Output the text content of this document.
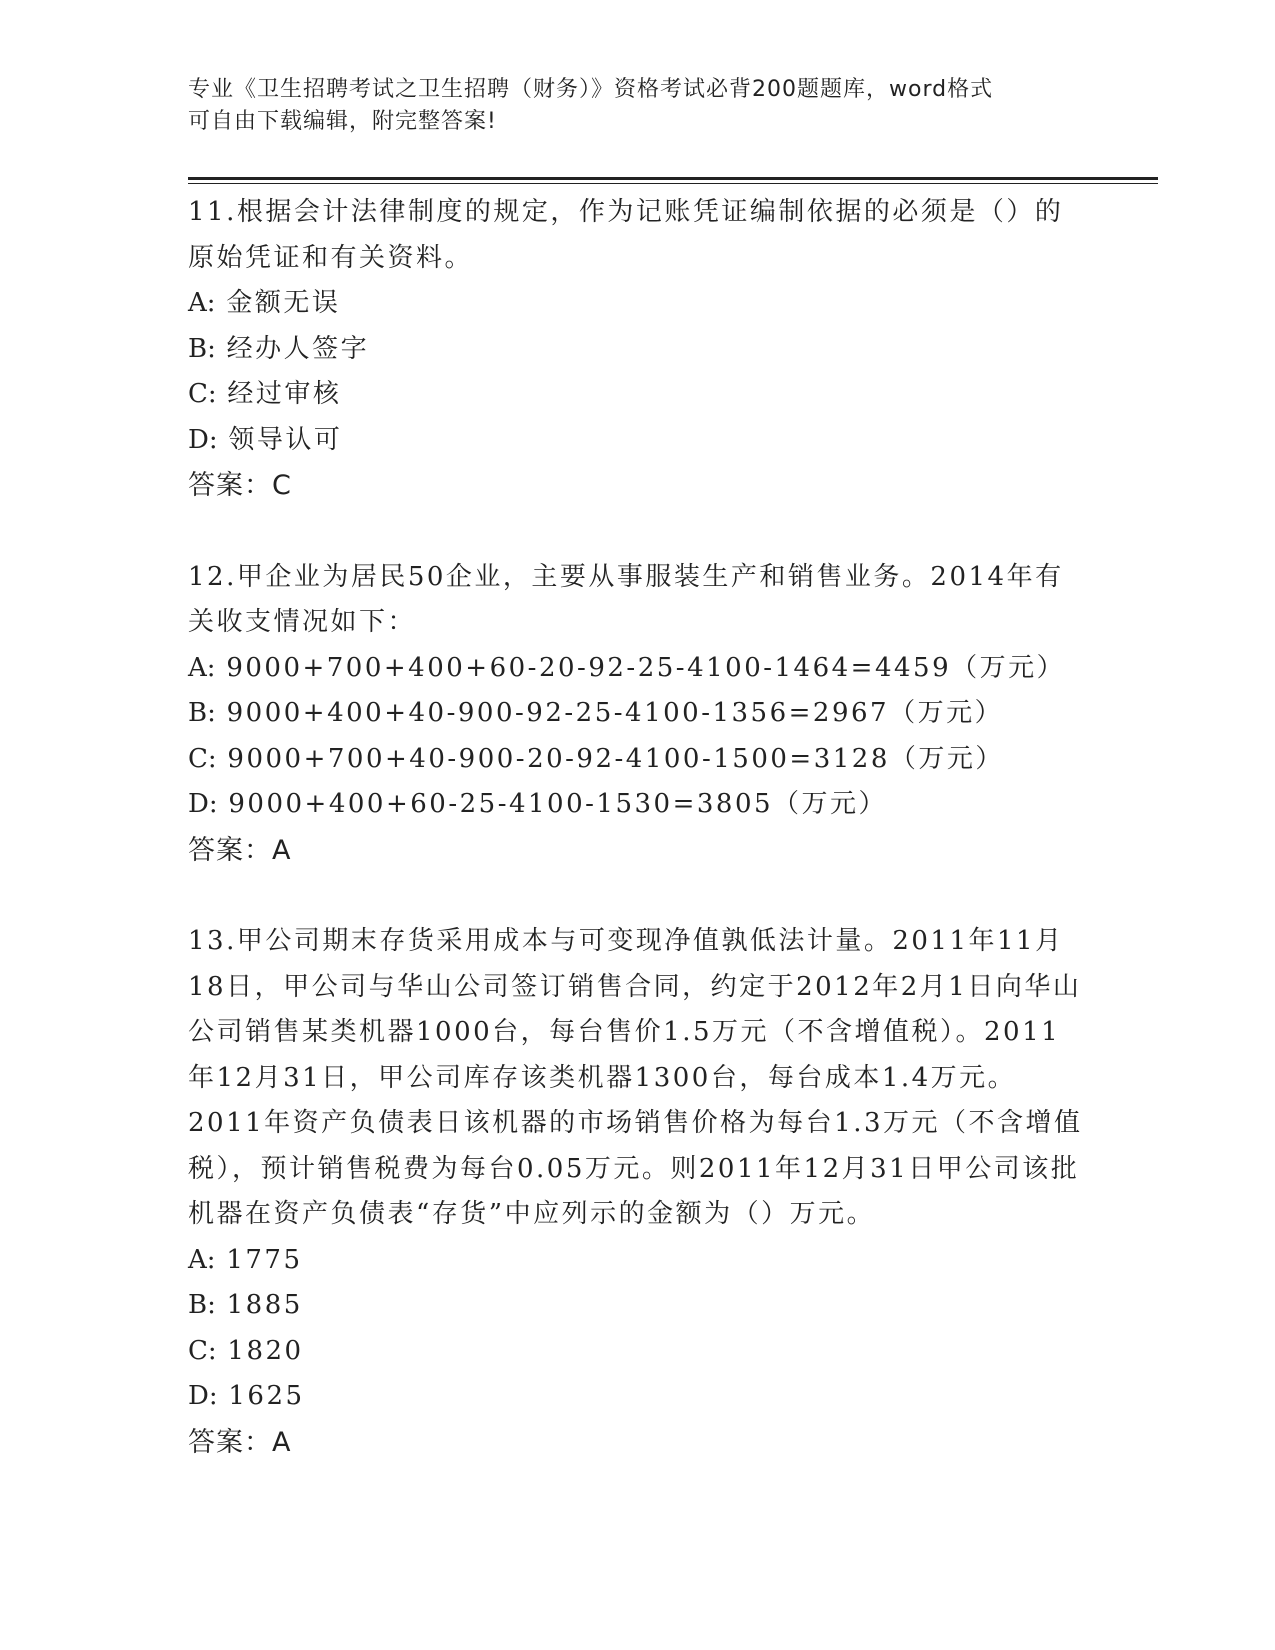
专业《卫生招聘考试之卫生招聘（财务）》资格考试必背200题题库，word格式
可自由下载编辑，附完整答案!
11.根据会计法律制度的规定，作为记账凭证编制依据的必须是（）的原始凭证和有关资料。
A: 金额无误
B: 经办人签字
C: 经过审核
D: 领导认可
答案：C
12.甲企业为居民50企业，主要从事服装生产和销售业务。2014年有关收支情况如下：
A: 9000+700+400+60-20-92-25-4100-1464=4459（万元）
B: 9000+400+40-900-92-25-4100-1356=2967（万元）
C: 9000+700+40-900-20-92-4100-1500=3128（万元）
D: 9000+400+60-25-4100-1530=3805（万元）
答案：A
13.甲公司期末存货采用成本与可变现净值孰低法计量。2011年11月18日，甲公司与华山公司签订销售合同，约定于2012年2月1日向华山公司销售某类机器1000台，每台售价1.5万元（不含增值税）。2011年12月31日，甲公司库存该类机器1300台，每台成本1.4万元。2011年资产负债表日该机器的市场销售价格为每台1.3万元（不含增值税），预计销售税费为每台0.05万元。则2011年12月31日甲公司该批机器在资产负债表“存货”中应列示的金额为（）万元。
A: 1775
B: 1885
C: 1820
D: 1625
答案：A
